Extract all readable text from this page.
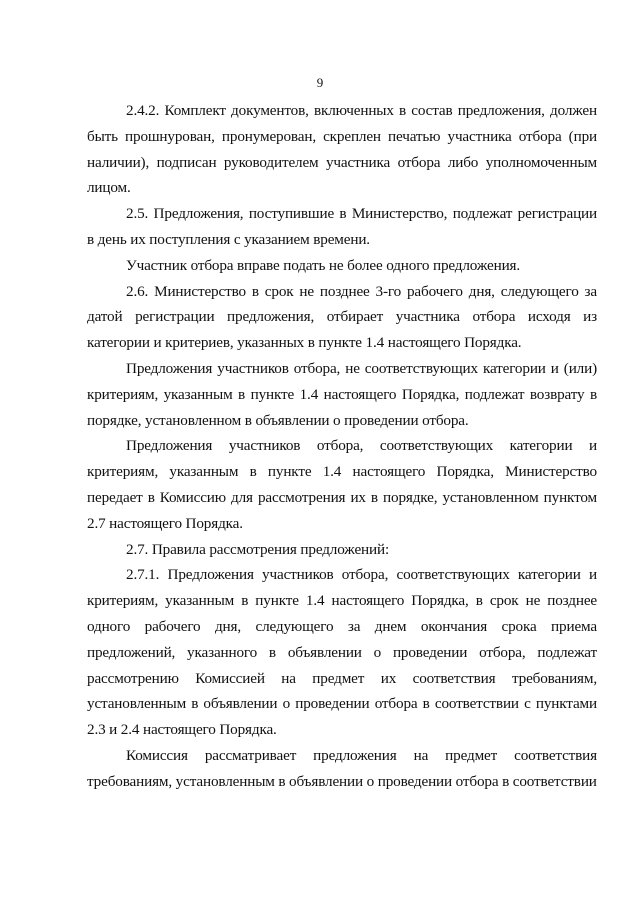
9

2.4.2. Комплект документов, включенных в состав предложения, должен быть прошнурован, пронумерован, скреплен печатью участника отбора (при наличии), подписан руководителем участника отбора либо уполномоченным лицом.

2.5. Предложения, поступившие в Министерство, подлежат регистрации в день их поступления с указанием времени.

Участник отбора вправе подать не более одного предложения.

2.6. Министерство в срок не позднее 3-го рабочего дня, следующего за датой регистрации предложения, отбирает участника отбора исходя из категории и критериев, указанных в пункте 1.4 настоящего Порядка.

Предложения участников отбора, не соответствующих категории и (или) критериям, указанным в пункте 1.4 настоящего Порядка, подлежат возврату в порядке, установленном в объявлении о проведении отбора.

Предложения участников отбора, соответствующих категории и критериям, указанным в пункте 1.4 настоящего Порядка, Министерство передает в Комиссию для рассмотрения их в порядке, установленном пунктом 2.7 настоящего Порядка.

2.7. Правила рассмотрения предложений:

2.7.1. Предложения участников отбора, соответствующих категории и критериям, указанным в пункте 1.4 настоящего Порядка, в срок не позднее одного рабочего дня, следующего за днем окончания срока приема предложений, указанного в объявлении о проведении отбора, подлежат рассмотрению Комиссией на предмет их соответствия требованиям, установленным в объявлении о проведении отбора в соответствии с пунктами 2.3 и 2.4 настоящего Порядка.

Комиссия рассматривает предложения на предмет соответствия требованиям, установленным в объявлении о проведении отбора в соответствии
